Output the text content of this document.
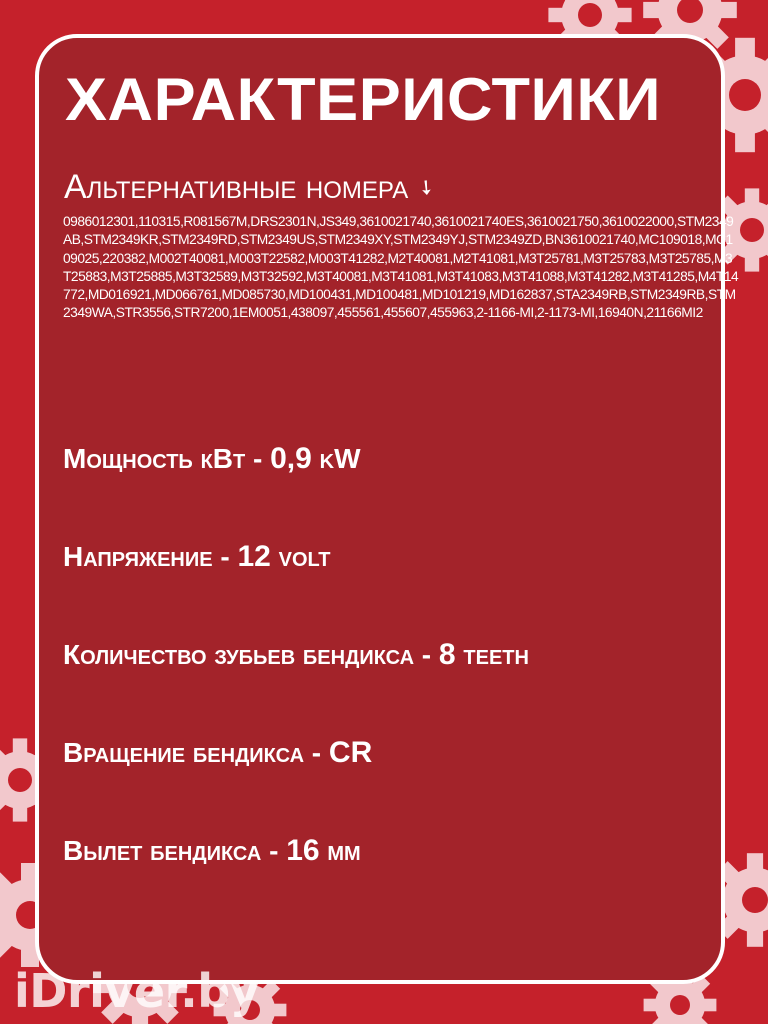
ХАРАКТЕРИСТИКИ
Альтернативные номера ➘
0986012301,110315,R081567M,DRS2301N,JS349,3610021740,3610021740ES,3610021750,3610022000,STM2349AB,STM2349KR,STM2349RD,STM2349US,STM2349XY,STM2349YJ,STM2349ZD,BN3610021740,MC109018,MC109025,220382,M002T40081,M003T22582,M003T41282,M2T40081,M2T41081,M3T25781,M3T25783,M3T25785,M3T25883,M3T25885,M3T32589,M3T32592,M3T40081,M3T41081,M3T41083,M3T41088,M3T41282,M3T41285,M4T14772,MD016921,MD066761,MD085730,MD100431,MD100481,MD101219,MD162837,STA2349RB,STM2349RB,STM2349WA,STR3556,STR7200,1EM0051,438097,455561,455607,455963,2-1166-MI,2-1173-MI,16940N,21166MI2
Мощность кВт - 0,9 kW
Напряжение - 12 volt
Количество зубьев бендикса - 8 teeth
Вращение бендикса - CR
Вылет бендикса - 16 мм
iDriver.by
